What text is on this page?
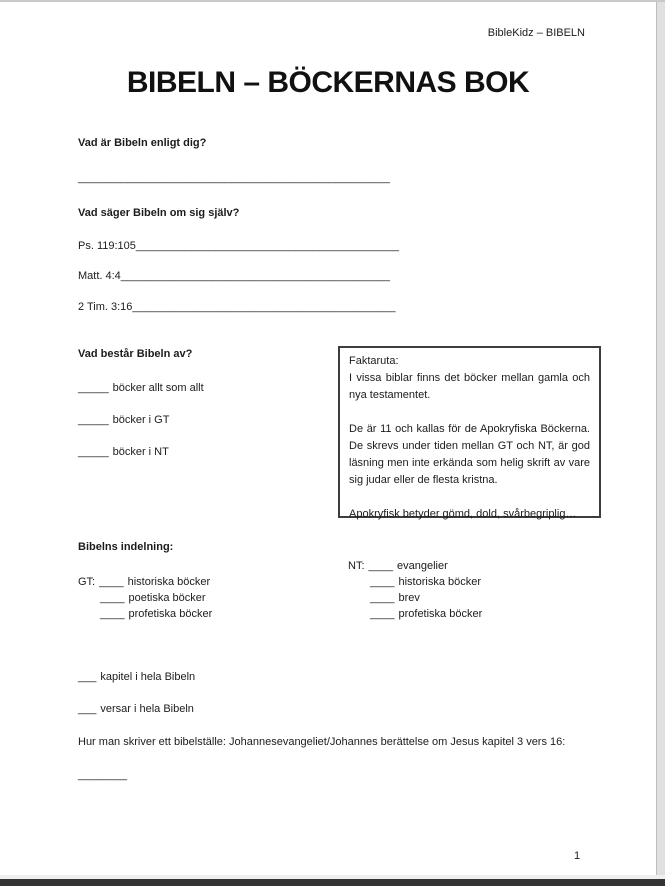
BibleKidz – BIBELN
BIBELN – BÖCKERNAS BOK
Vad är Bibeln enligt dig?
___________________________________________________
Vad säger Bibeln om sig själv?
Ps. 119:105___________________________________________
Matt. 4:4____________________________________________
2 Tim. 3:16___________________________________________
Vad består Bibeln av?
_____ böcker allt som allt
_____ böcker i GT
_____ böcker i NT

Faktaruta:

I vissa biblar finns det böcker mellan gamla och nya testamentet.

De är 11 och kallas för de Apokryfiska Böckerna. De skrevs under tiden mellan GT och NT, är god läsning men inte erkända som helig skrift av vare sig judar eller de flesta kristna.

Apokryfisk betyder gömd, dold, svårbegriplig…

Bibelns indelning:
GT: ____ historiska böcker
____ poetiska böcker
____ profetiska böcker
NT: ____ evangelier
____ historiska böcker
____ brev
____ profetiska böcker
___ kapitel i hela Bibeln
___ versar i hela Bibeln
Hur man skriver ett bibelställe: Johannesevangeliet/Johannes berättelse om Jesus kapitel 3 vers 16:
________
1
